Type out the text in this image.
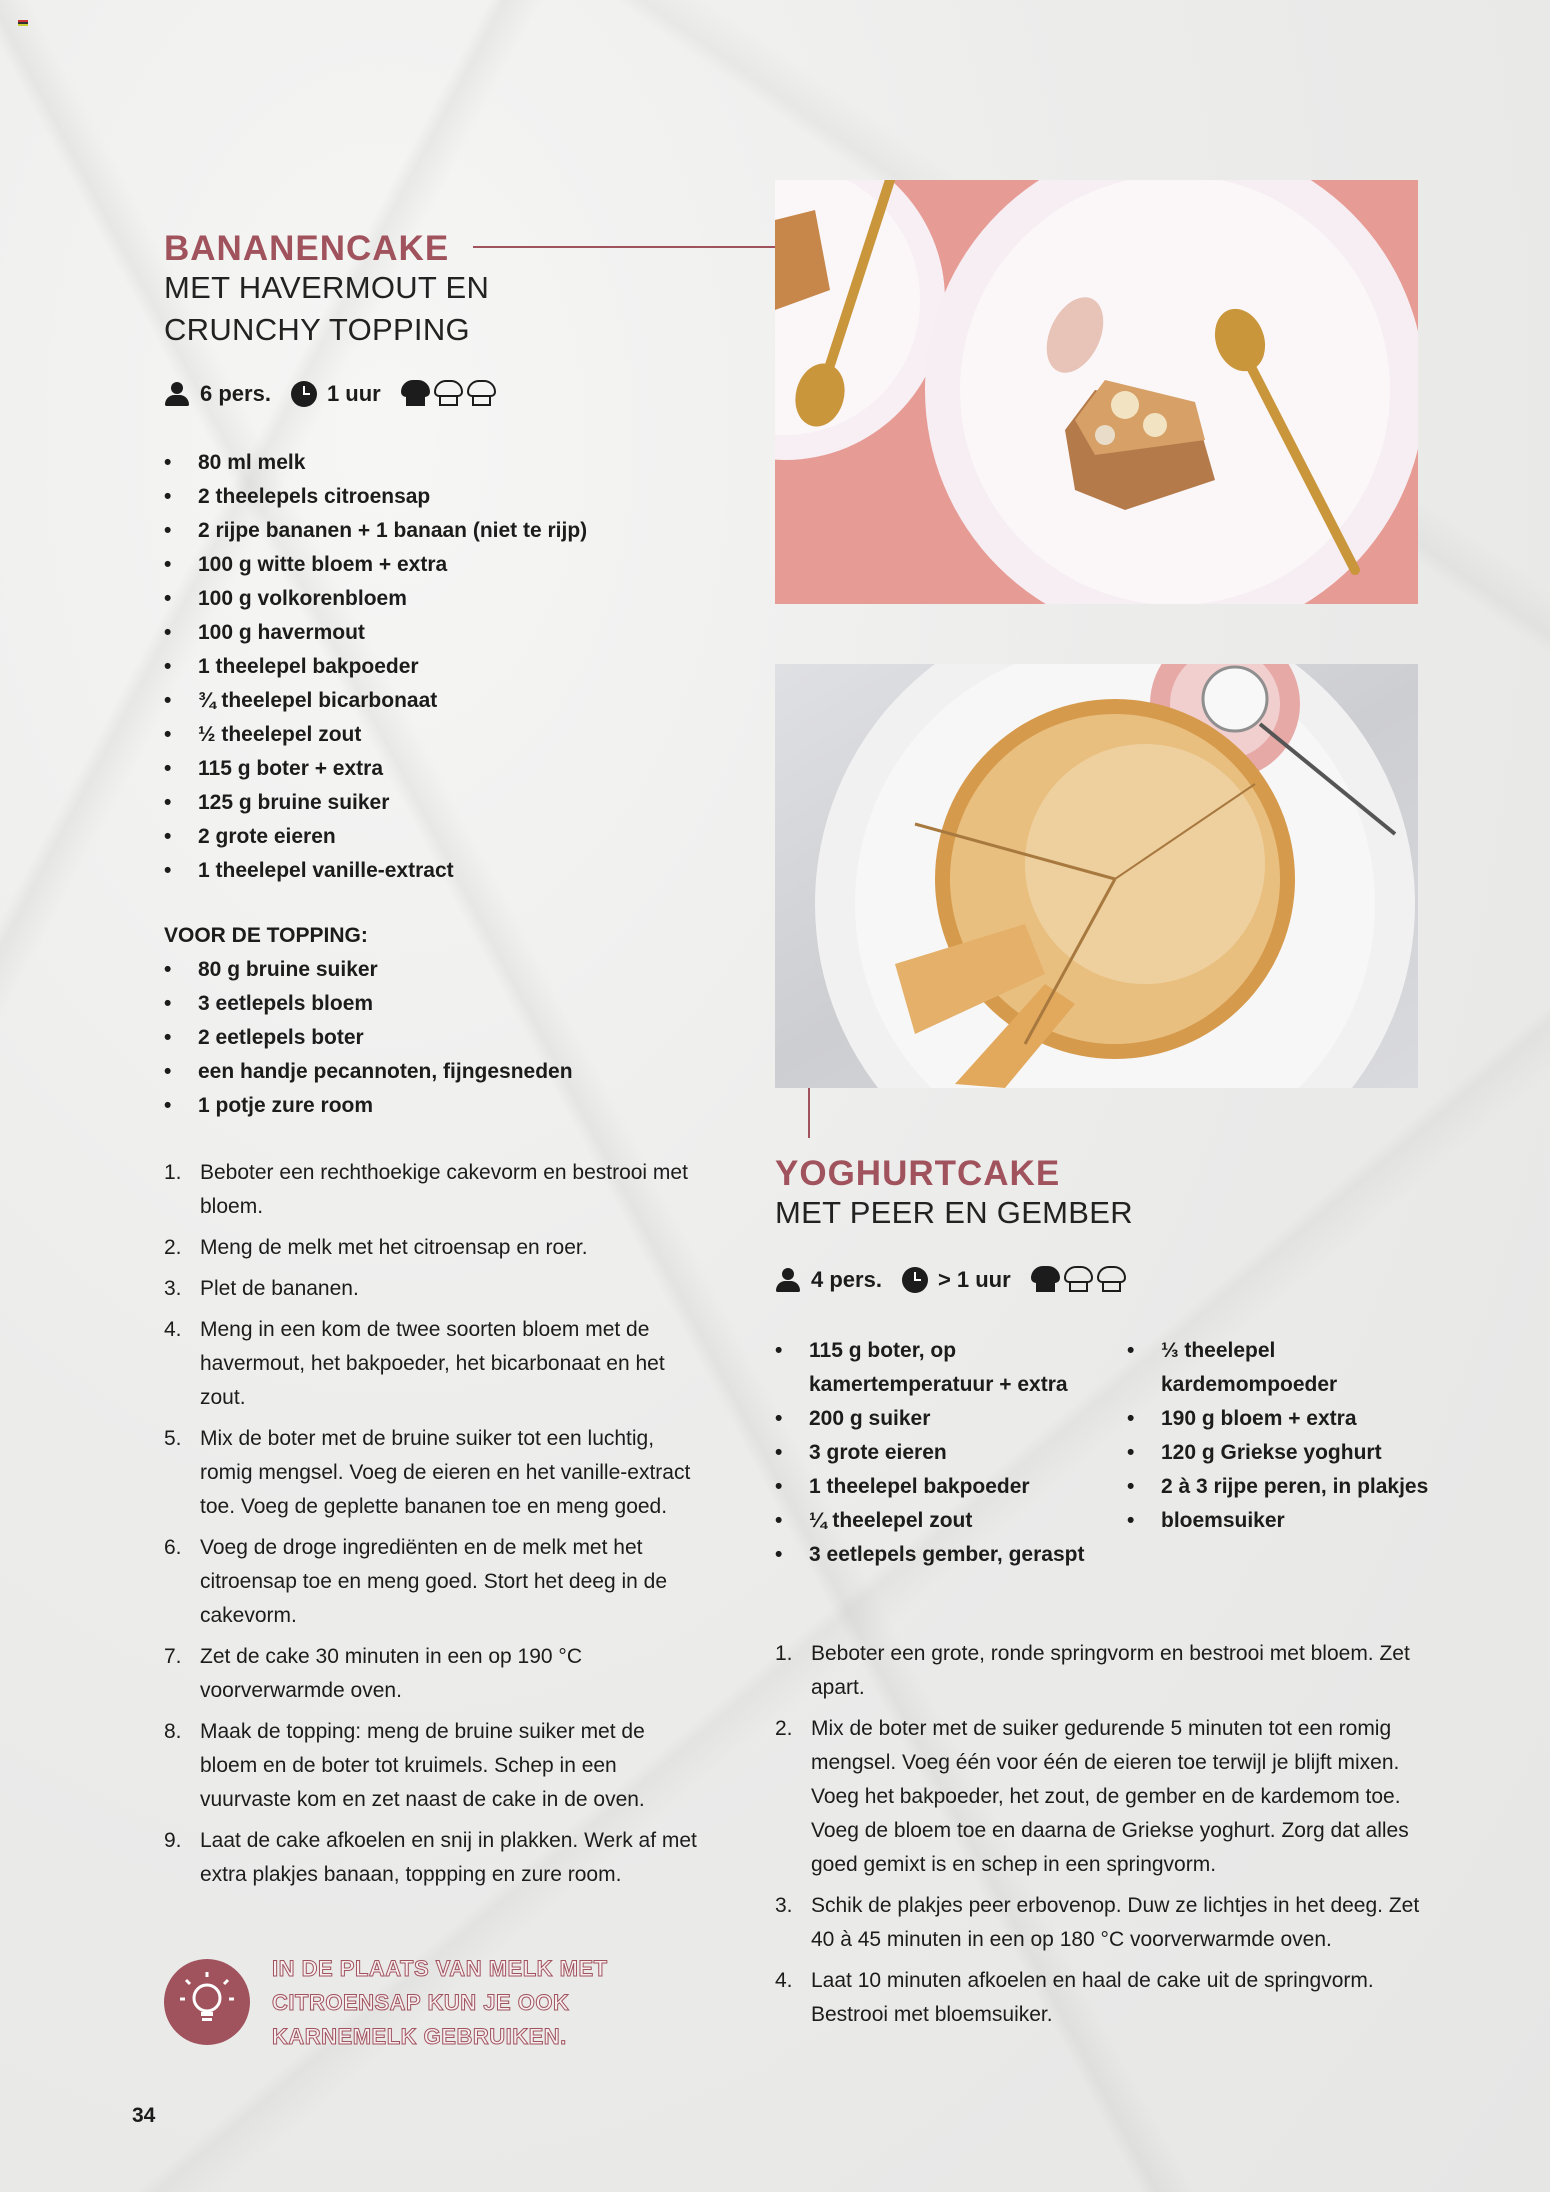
BANANENCAKE
MET HAVERMOUT EN
CRUNCHY TOPPING
6 pers.	1 uur
• 80 ml melk
• 2 theelepels citroensap
• 2 rijpe bananen + 1 banaan (niet te rijp)
• 100 g witte bloem + extra
• 100 g volkorenbloem
• 100 g havermout
• 1 theelepel bakpoeder
• ¾ theelepel bicarbonaat
• ½ theelepel zout
• 115 g boter + extra
• 125 g bruine suiker
• 2 grote eieren
• 1 theelepel vanille-extract
VOOR DE TOPPING:
• 80 g bruine suiker
• 3 eetlepels bloem
• 2 eetlepels boter
• een handje pecannoten, fijngesneden
• 1 potje zure room
1. Beboter een rechthoekige cakevorm en bestrooi met bloem.
2. Meng de melk met het citroensap en roer.
3. Plet de bananen.
4. Meng in een kom de twee soorten bloem met de havermout, het bakpoeder, het bicarbonaat en het zout.
5. Mix de boter met de bruine suiker tot een luchtig, romig mengsel. Voeg de eieren en het vanille-extract toe. Voeg de geplette bananen toe en meng goed.
6. Voeg de droge ingrediënten en de melk met het citroensap toe en meng goed. Stort het deeg in de cakevorm.
7. Zet de cake 30 minuten in een op 190 °C voorverwarmde oven.
8. Maak de topping: meng de bruine suiker met de bloem en de boter tot kruimels. Schep in een vuurvaste kom en zet naast de cake in de oven.
9. Laat de cake afkoelen en snij in plakken. Werk af met extra plakjes banaan, toppping en zure room.
IN DE PLAATS VAN MELK MET CITROENSAP KUN JE OOK KARNEMELK GEBRUIKEN.
YOGHURTCAKE
MET PEER EN GEMBER
4 pers.	> 1 uur
• 115 g boter, op kamertemperatuur + extra
• 200 g suiker
• 3 grote eieren
• 1 theelepel bakpoeder
• ¼ theelepel zout
• 3 eetlepels gember, geraspt
• ⅓ theelepel kardemompoeder
• 190 g bloem + extra
• 120 g Griekse yoghurt
• 2 à 3 rijpe peren, in plakjes
• bloemsuiker
1. Beboter een grote, ronde springvorm en bestrooi met bloem. Zet apart.
2. Mix de boter met de suiker gedurende 5 minuten tot een romig mengsel. Voeg één voor één de eieren toe terwijl je blijft mixen. Voeg het bakpoeder, het zout, de gember en de kardemom toe. Voeg de bloem toe en daarna de Griekse yoghurt. Zorg dat alles goed gemixt is en schep in een springvorm.
3. Schik de plakjes peer erbovenop. Duw ze lichtjes in het deeg. Zet 40 à 45 minuten in een op 180 °C voorverwarmde oven.
4. Laat 10 minuten afkoelen en haal de cake uit de springvorm. Bestrooi met bloemsuiker.
34
